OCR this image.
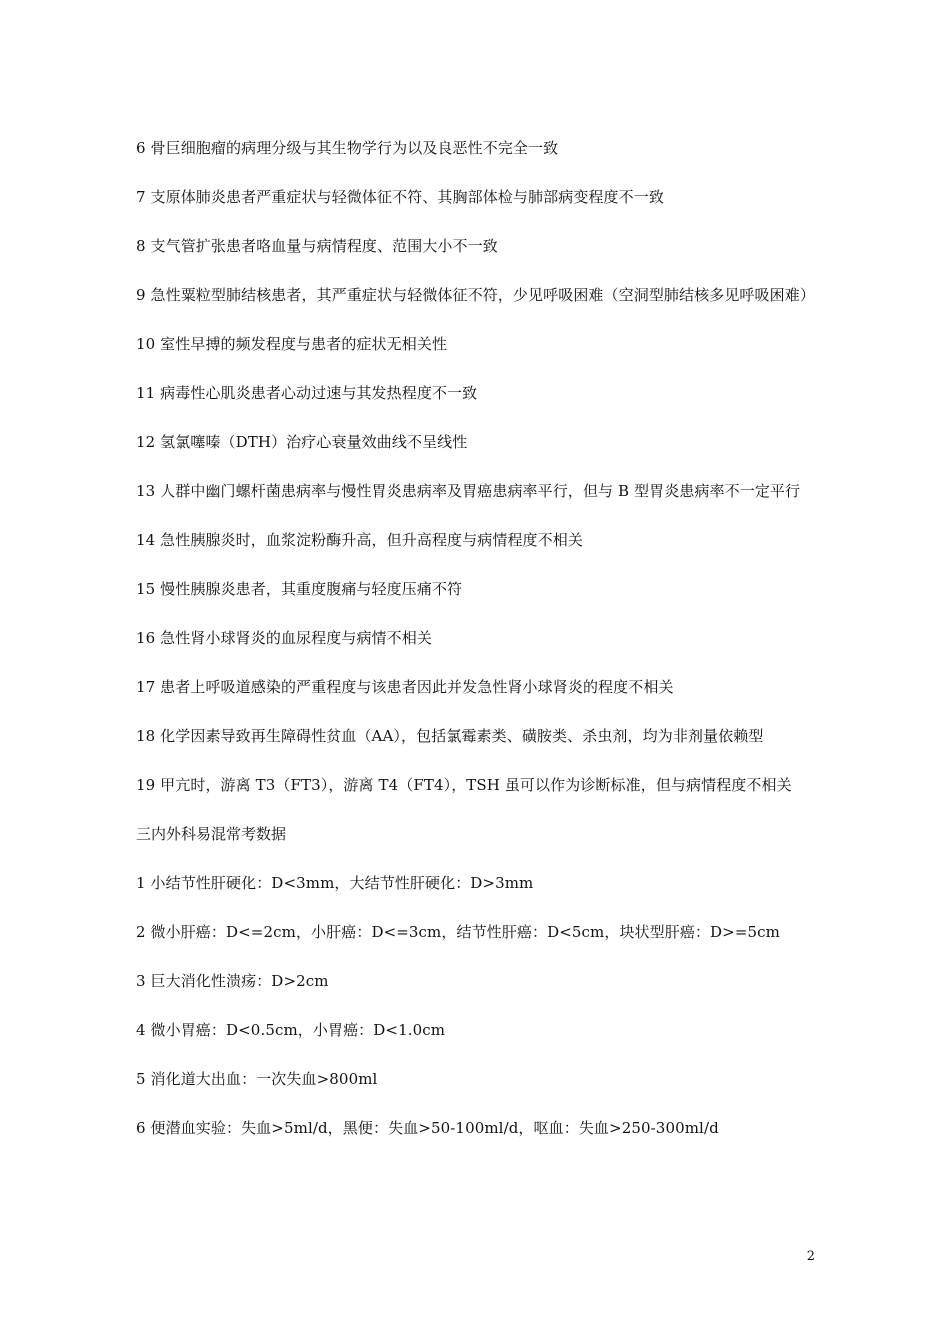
6 骨巨细胞瘤的病理分级与其生物学行为以及良恶性不完全一致

7 支原体肺炎患者严重症状与轻微体征不符、其胸部体检与肺部病变程度不一致

8 支气管扩张患者咯血量与病情程度、范围大小不一致

9 急性粟粒型肺结核患者，其严重症状与轻微体征不符，少见呼吸困难（空洞型肺结核多见呼吸困难）

10 室性早搏的频发程度与患者的症状无相关性

11 病毒性心肌炎患者心动过速与其发热程度不一致

12 氢氯噻嗪（DTH）治疗心衰量效曲线不呈线性

13 人群中幽门螺杆菌患病率与慢性胃炎患病率及胃癌患病率平行，但与 B 型胃炎患病率不一定平行

14 急性胰腺炎时，血浆淀粉酶升高，但升高程度与病情程度不相关

15 慢性胰腺炎患者，其重度腹痛与轻度压痛不符

16 急性肾小球肾炎的血尿程度与病情不相关

17 患者上呼吸道感染的严重程度与该患者因此并发急性肾小球肾炎的程度不相关

18 化学因素导致再生障碍性贫血（AA），包括氯霉素类、磺胺类、杀虫剂，均为非剂量依赖型

19 甲亢时，游离 T3（FT3），游离 T4（FT4），TSH 虽可以作为诊断标准，但与病情程度不相关

三内外科易混常考数据

1 小结节性肝硬化：D<3mm，大结节性肝硬化：D>3mm

2 微小肝癌：D<=2cm，小肝癌：D<=3cm，结节性肝癌：D<5cm，块状型肝癌：D>=5cm

3 巨大消化性溃疡：D>2cm

4 微小胃癌：D<0.5cm，小胃癌：D<1.0cm

5 消化道大出血：一次失血>800ml

6 便潜血实验：失血>5ml/d，黑便：失血>50-100ml/d，呕血：失血>250-300ml/d

2
